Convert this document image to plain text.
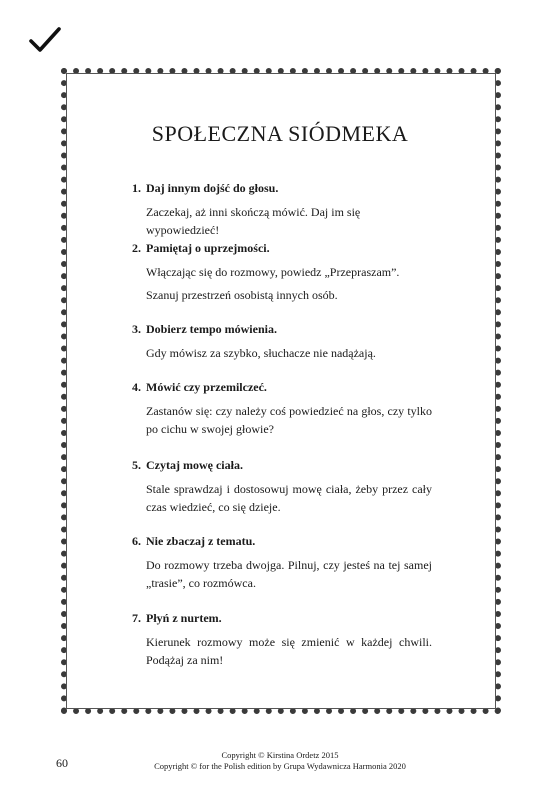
SPOŁECZNA SIÓDMEKA
1. Daj innym dojść do głosu.

Zaczekaj, aż inni skończą mówić. Daj im się wypowiedzieć!

2. Pamiętaj o uprzejmości.

Włączając się do rozmowy, powiedz „Przepraszam”.

Szanuj przestrzeń osobistą innych osób.

3. Dobierz tempo mówienia.

Gdy mówisz za szybko, słuchacze nie nadążają.

4. Mówić czy przemilczeć.

Zastanów się: czy należy coś powiedzieć na głos, czy tylko po cichu w swojej głowie?

5. Czytaj mowę ciała.

Stale sprawdzaj i dostosowuj mowę ciała, żeby przez cały czas wiedzieć, co się dzieje.

6. Nie zbaczaj z tematu.

Do rozmowy trzeba dwojga. Pilnuj, czy jesteś na tej samej „trasie”, co rozmówca.

7. Płyń z nurtem.

Kierunek rozmowy może się zmienić w każdej chwili. Podążaj za nim!

60
Copyright © Kirstina Ordetz 2015
Copyright © for the Polish edition by Grupa Wydawnicza Harmonia 2020
